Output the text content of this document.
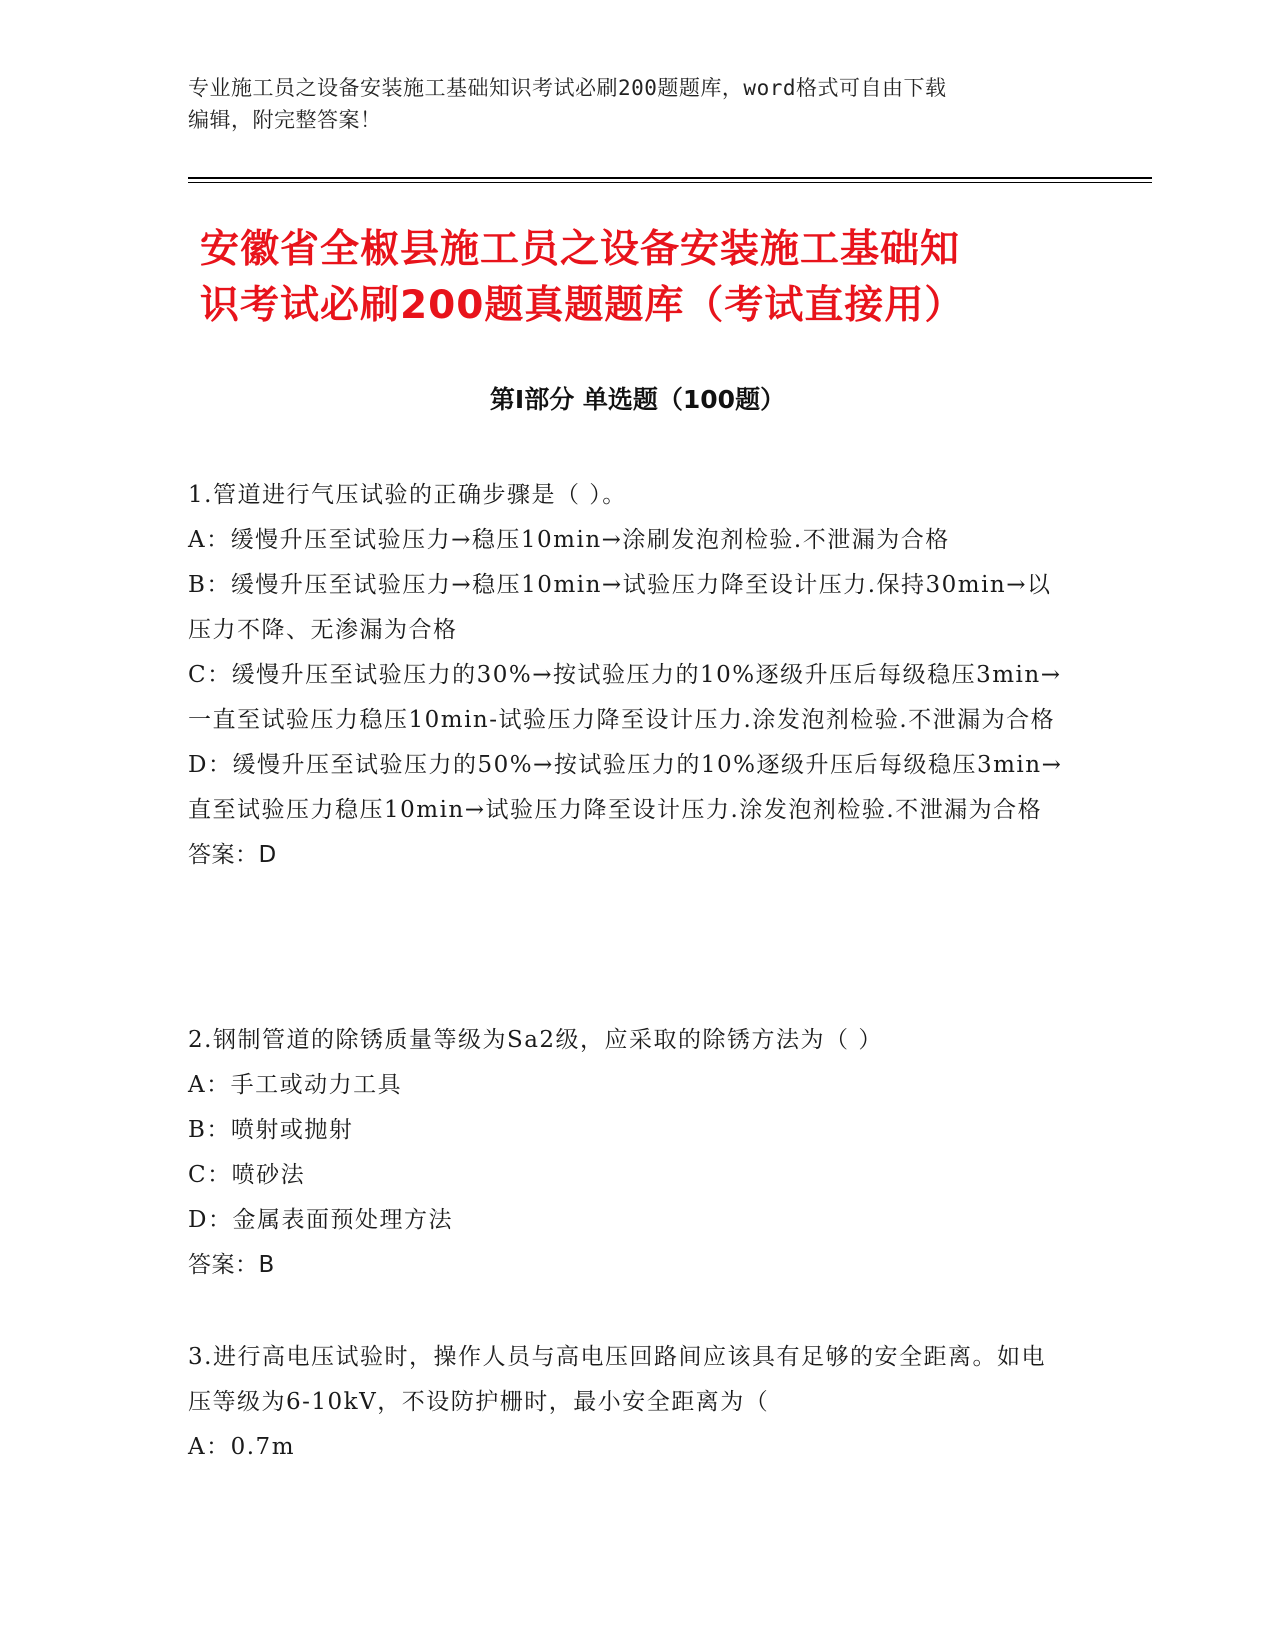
专业施工员之设备安装施工基础知识考试必刷200题题库，word格式可自由下载
编辑，附完整答案！
安徽省全椒县施工员之设备安装施工基础知
识考试必刷200题真题题库（考试直接用）
第Ⅰ部分 单选题（100题）

1.管道进行气压试验的正确步骤是（ ）。

A：缓慢升压至试验压力→稳压10min→涂刷发泡剂检验.不泄漏为合格

B：缓慢升压至试验压力→稳压10min→试验压力降至设计压力.保持30min→以压力不降、无渗漏为合格

C：缓慢升压至试验压力的30%→按试验压力的10%逐级升压后每级稳压3min→一直至试验压力稳压10min-试验压力降至设计压力.涂发泡剂检验.不泄漏为合格

D：缓慢升压至试验压力的50%→按试验压力的10%逐级升压后每级稳压3min→直至试验压力稳压10min→试验压力降至设计压力.涂发泡剂检验.不泄漏为合格

答案：D

2.钢制管道的除锈质量等级为Sa2级，应采取的除锈方法为（ ）

A：手工或动力工具

B：喷射或抛射

C：喷砂法

D：金属表面预处理方法

答案：B

3.进行高电压试验时，操作人员与高电压回路间应该具有足够的安全距离。如电压等级为6-10kV，不设防护栅时，最小安全距离为（

A：0.7m
